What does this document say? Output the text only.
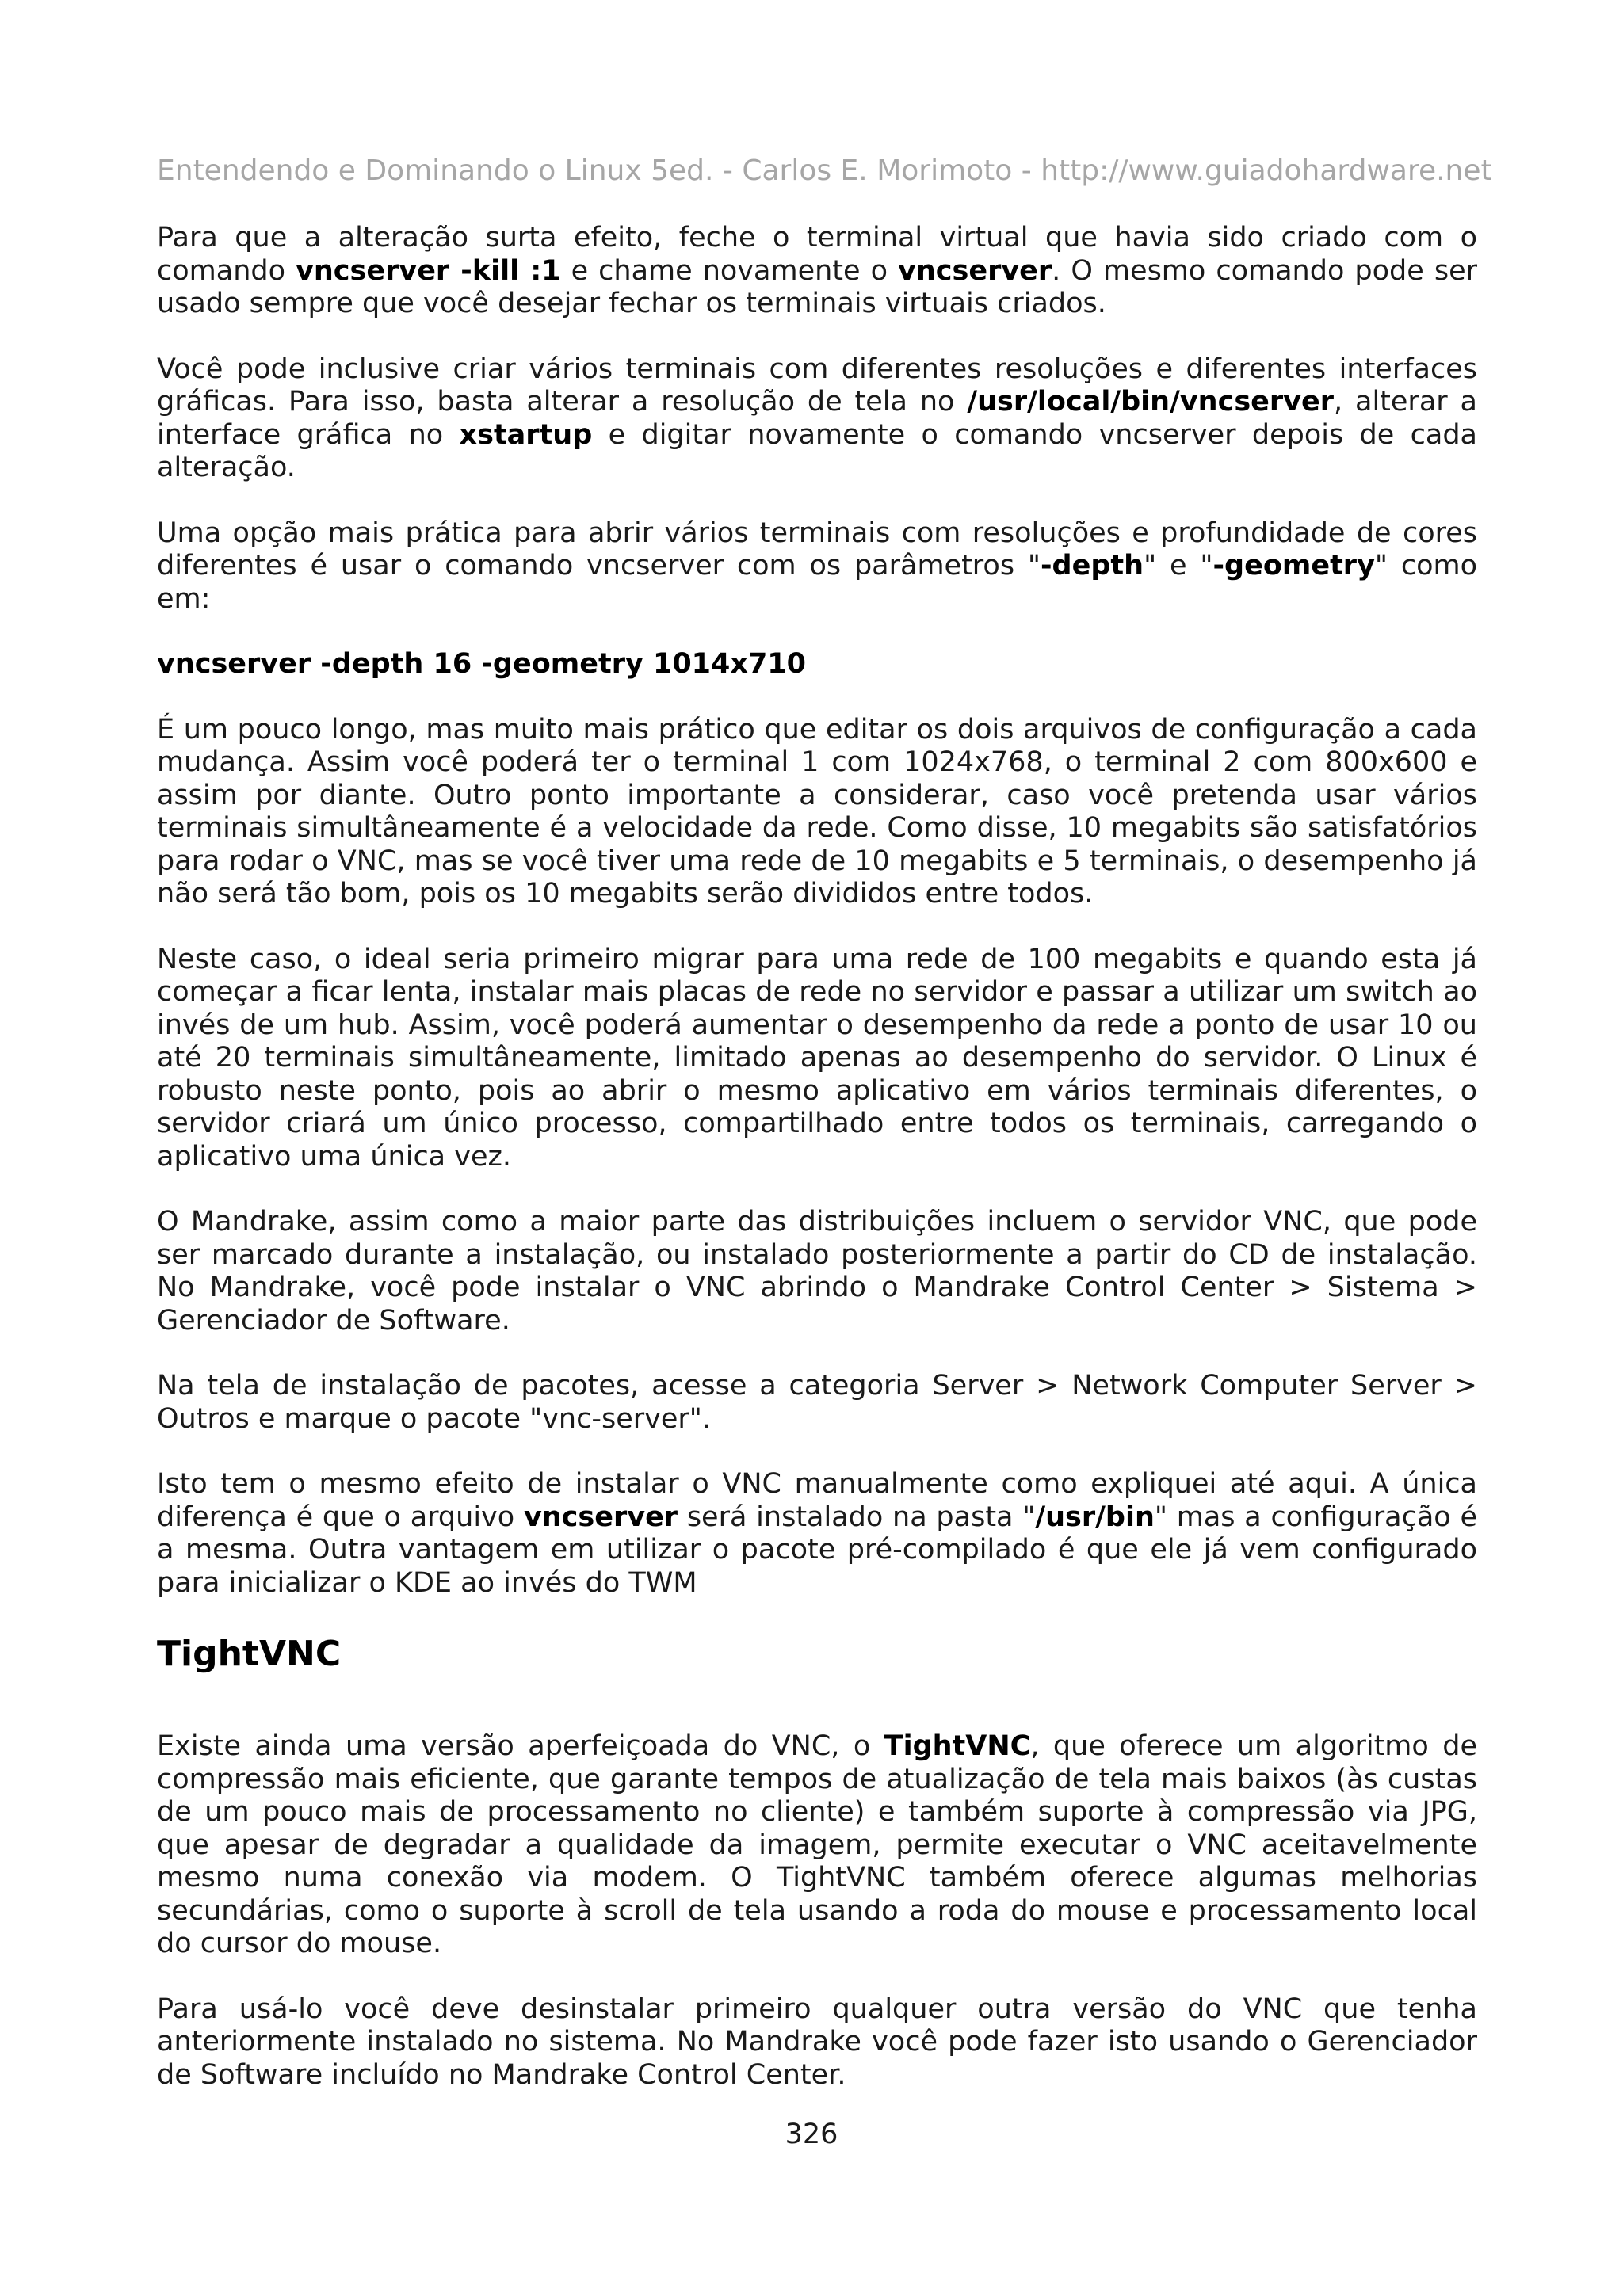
Entendendo e Dominando o Linux 5ed. - Carlos E. Morimoto - http://www.guiadohardware.net

Para que a alteração surta efeito, feche o terminal virtual que havia sido criado com o comando vncserver -kill :1 e chame novamente o vncserver. O mesmo comando pode ser usado sempre que você desejar fechar os terminais virtuais criados.

Você pode inclusive criar vários terminais com diferentes resoluções e diferentes interfaces gráficas. Para isso, basta alterar a resolução de tela no /usr/local/bin/vncserver, alterar a interface gráfica no xstartup e digitar novamente o comando vncserver depois de cada alteração.

Uma opção mais prática para abrir vários terminais com resoluções e profundidade de cores diferentes é usar o comando vncserver com os parâmetros "-depth" e "-geometry" como em:

vncserver -depth 16 -geometry 1014x710

É um pouco longo, mas muito mais prático que editar os dois arquivos de configuração a cada mudança. Assim você poderá ter o terminal 1 com 1024x768, o terminal 2 com 800x600 e assim por diante. Outro ponto importante a considerar, caso você pretenda usar vários terminais simultâneamente é a velocidade da rede. Como disse, 10 megabits são satisfatórios para rodar o VNC, mas se você tiver uma rede de 10 megabits e 5 terminais, o desempenho já não será tão bom, pois os 10 megabits serão divididos entre todos.

Neste caso, o ideal seria primeiro migrar para uma rede de 100 megabits e quando esta já começar a ficar lenta, instalar mais placas de rede no servidor e passar a utilizar um switch ao invés de um hub. Assim, você poderá aumentar o desempenho da rede a ponto de usar 10 ou até 20 terminais simultâneamente, limitado apenas ao desempenho do servidor. O Linux é robusto neste ponto, pois ao abrir o mesmo aplicativo em vários terminais diferentes, o servidor criará um único processo, compartilhado entre todos os terminais, carregando o aplicativo uma única vez.

O Mandrake, assim como a maior parte das distribuições incluem o servidor VNC, que pode ser marcado durante a instalação, ou instalado posteriormente a partir do CD de instalação. No Mandrake, você pode instalar o VNC abrindo o Mandrake Control Center > Sistema > Gerenciador de Software.

Na tela de instalação de pacotes, acesse a categoria Server > Network Computer Server > Outros e marque o pacote "vnc-server".

Isto tem o mesmo efeito de instalar o VNC manualmente como expliquei até aqui. A única diferença é que o arquivo vncserver será instalado na pasta "/usr/bin" mas a configuração é a mesma. Outra vantagem em utilizar o pacote pré-compilado é que ele já vem configurado para inicializar o KDE ao invés do TWM

TightVNC

Existe ainda uma versão aperfeiçoada do VNC, o TightVNC, que oferece um algoritmo de compressão mais eficiente, que garante tempos de atualização de tela mais baixos (às custas de um pouco mais de processamento no cliente) e também suporte à compressão via JPG, que apesar de degradar a qualidade da imagem, permite executar o VNC aceitavelmente mesmo numa conexão via modem. O TightVNC também oferece algumas melhorias secundárias, como o suporte à scroll de tela usando a roda do mouse e processamento local do cursor do mouse.

Para usá-lo você deve desinstalar primeiro qualquer outra versão do VNC que tenha anteriormente instalado no sistema. No Mandrake você pode fazer isto usando o Gerenciador de Software incluído no Mandrake Control Center.

326
